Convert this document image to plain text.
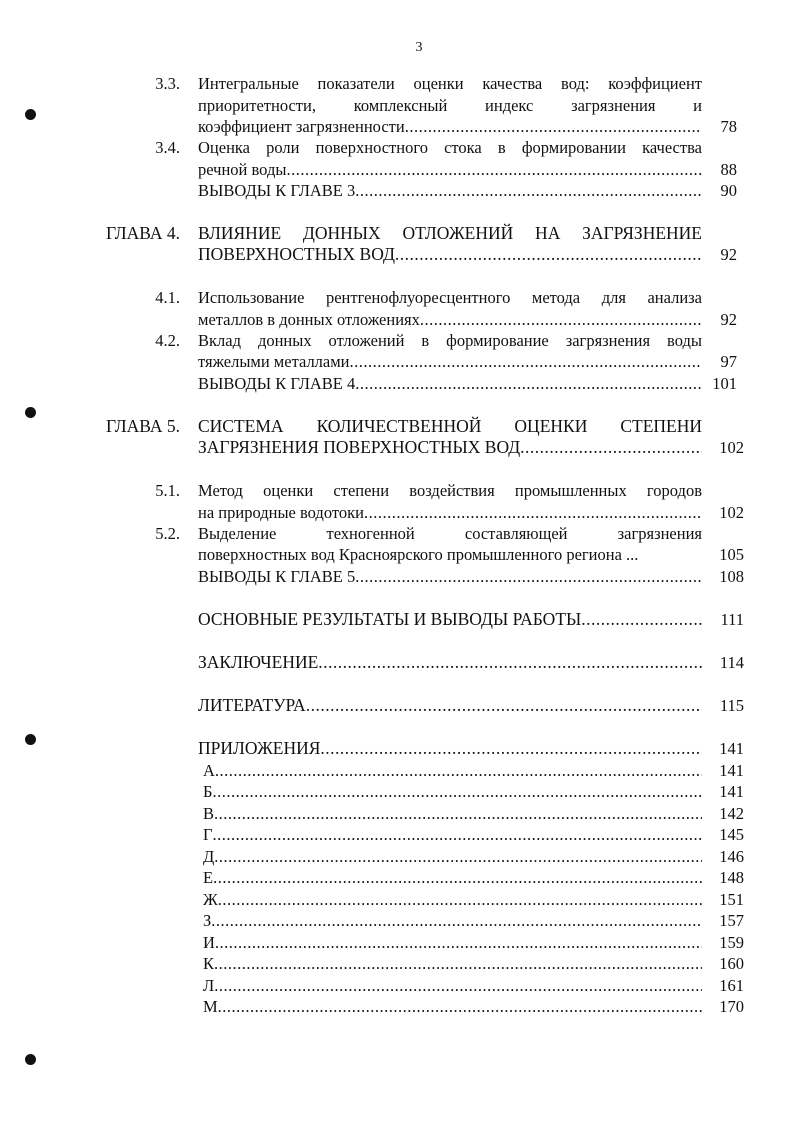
3
3.3. Интегральные показатели оценки качества вод: коэффициент
приоритетности, комплексный индекс загрязнения и
коэффициент загрязненности .....	78
3.4. Оценка роли поверхностного стока в формировании качества
речной воды .....	88
ВЫВОДЫ К ГЛАВЕ 3 .....	90
ГЛАВА 4. ВЛИЯНИЕ ДОННЫХ ОТЛОЖЕНИЙ НА ЗАГРЯЗНЕНИЕ
ПОВЕРХНОСТНЫХ ВОД .....	92
4.1. Использование рентгенофлуоресцентного метода для анализа
металлов в донных отложениях .....	92
4.2. Вклад донных отложений в формирование загрязнения воды
тяжелыми металлами .....	97
ВЫВОДЫ К ГЛАВЕ 4 .....	101
ГЛАВА 5. СИСТЕМА КОЛИЧЕСТВЕННОЙ ОЦЕНКИ СТЕПЕНИ
ЗАГРЯЗНЕНИЯ ПОВЕРХНОСТНЫХ ВОД .....	102
5.1. Метод оценки степени воздействия промышленных городов
на природные водотоки .....	102
5.2. Выделение техногенной составляющей загрязнения
поверхностных вод Красноярского промышленного региона ...	105
ВЫВОДЫ К ГЛАВЕ 5 .....	108
ОСНОВНЫЕ РЕЗУЛЬТАТЫ И ВЫВОДЫ РАБОТЫ .....	111
ЗАКЛЮЧЕНИЕ .....	114
ЛИТЕРАТУРА .....	115
ПРИЛОЖЕНИЯ .....	141
А .....	141
Б .....	141
В .....	142
Г .....	145
Д .....	146
Е .....	148
Ж .....	151
З .....	157
И .....	159
К .....	160
Л .....	161
М .....	170
